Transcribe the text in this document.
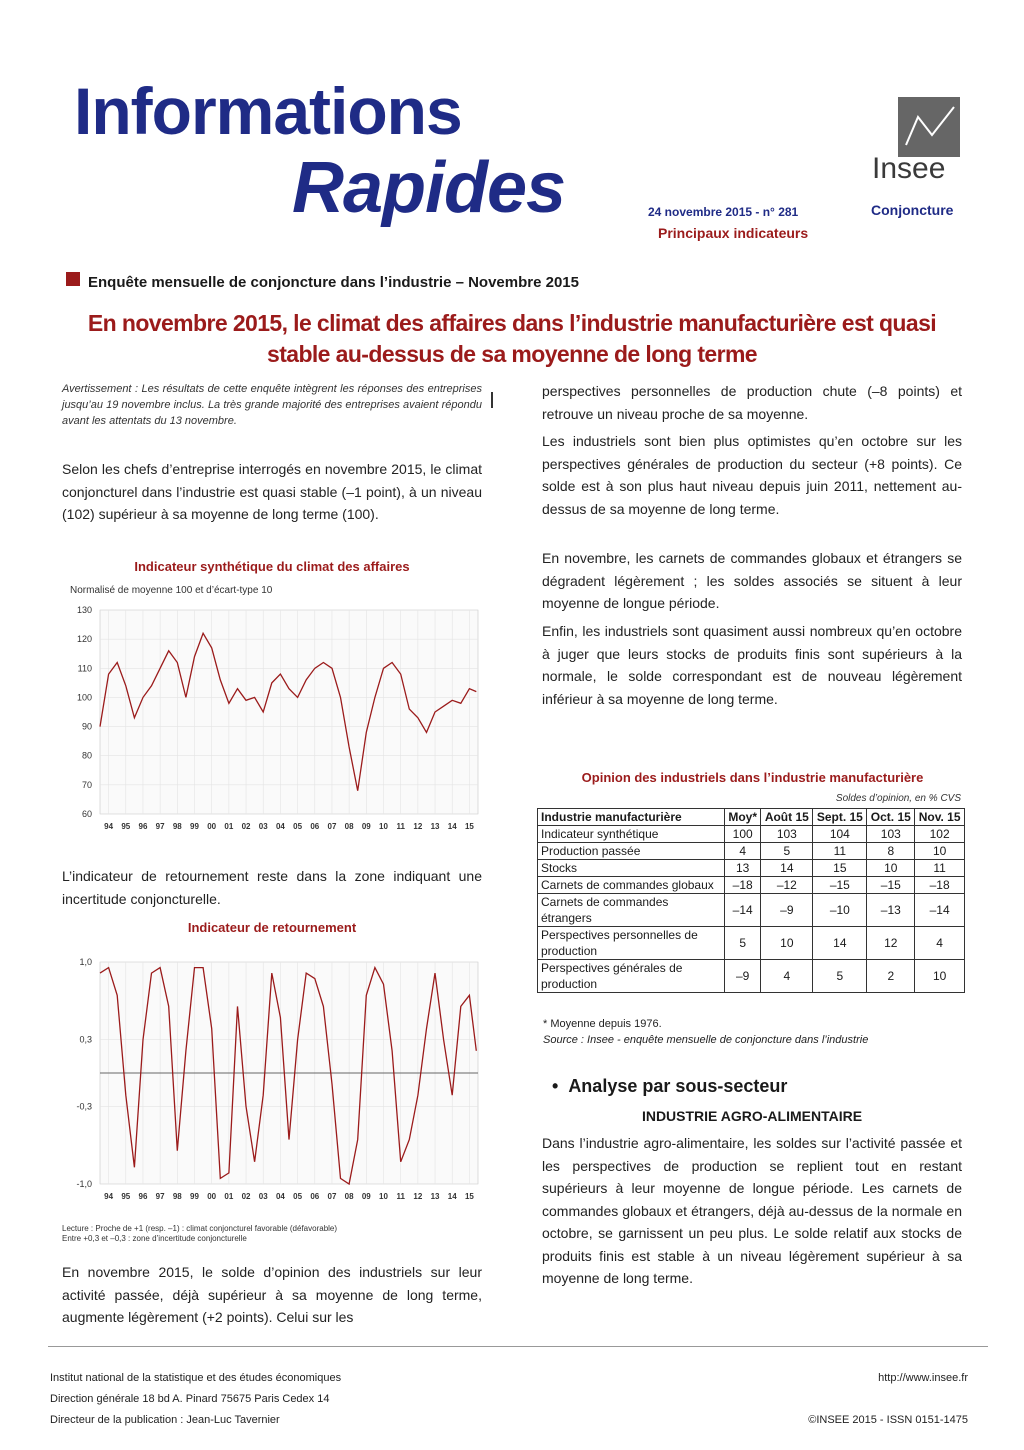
Informations
Rapides	24 novembre 2015 - n° 281
Principaux indicateurs
Insee
Conjoncture
Enquête mensuelle de conjoncture dans l’industrie – Novembre 2015
En novembre 2015, le climat des affaires dans l’industrie manufacturière est quasi stable au-dessus de sa moyenne de long terme
Avertissement : Les résultats de cette enquête intègrent les réponses des entreprises jusqu’au 19 novembre inclus. La très grande majorité des entreprises avaient répondu avant les attentats du 13 novembre.
Selon les chefs d’entreprise interrogés en novembre 2015, le climat conjoncturel dans l’industrie est quasi stable (–1 point), à un niveau (102) supérieur à sa moyenne de long terme (100).
Indicateur synthétique du climat des affaires
Normalisé de moyenne 100 et d’écart-type 10
94 95 96 97 98 99 00 01 02 03 04 05 06 07 08 09 10 11 12 13 14 15
60
70
80
90
100
110
120
130
L’indicateur de retournement reste dans la zone indiquant une incertitude conjoncturelle.
Indicateur de retournement
94 95 96 97 98 99 00 01 02 03 04 05 06 07 08 09 10 11 12 13 14 15
-1,0
-0,3
0,3
1,0
Lecture : Proche de +1 (resp. –1) : climat conjoncturel favorable (défavorable)
Entre +0,3 et –0,3 : zone d’incertitude conjoncturelle
En novembre 2015, le solde d’opinion des industriels sur leur activité passée, déjà supérieur à sa moyenne de long terme, augmente légèrement (+2 points). Celui sur les
perspectives personnelles de production chute (–8 points) et retrouve un niveau proche de sa moyenne.
Les industriels sont bien plus optimistes qu’en octobre sur les perspectives générales de production du secteur (+8 points). Ce solde est à son plus haut niveau depuis juin 2011, nettement au-dessus de sa moyenne de long terme.
En novembre, les carnets de commandes globaux et étrangers se dégradent légèrement ; les soldes associés se situent à leur moyenne de longue période.
Enfin, les industriels sont quasiment aussi nombreux qu’en octobre à juger que leurs stocks de produits finis sont supérieurs à la normale, le solde correspondant est de nouveau légèrement inférieur à sa moyenne de long terme.
Opinion des industriels dans l’industrie manufacturière
Soldes d’opinion, en % CVS
Industrie manufacturière	Moy*	Août 15	Sept. 15	Oct. 15	Nov. 15
Indicateur synthétique	100	103	104	103	102
Production passée	4	5	11	8	10
Stocks	13	14	15	10	11
Carnets de commandes globaux	–18	–12	–15	–15	–18
Carnets de commandes étrangers	–14	–9	–10	–13	–14
Perspectives personnelles de production	5	10	14	12	4
Perspectives générales de production	–9	4	5	2	10
* Moyenne depuis 1976.
Source : Insee - enquête mensuelle de conjoncture dans l’industrie
•  Analyse par sous-secteur
INDUSTRIE AGRO-ALIMENTAIRE
Dans l’industrie agro-alimentaire, les soldes sur l’activité passée et les perspectives de production se replient tout en restant supérieurs à leur moyenne de longue période. Les carnets de commandes globaux et étrangers, déjà au-dessus de la normale en octobre, se garnissent un peu plus. Le solde relatif aux stocks de produits finis est stable à un niveau légèrement supérieur à sa moyenne de long terme.
Institut national de la statistique et des études économiques
Direction générale 18 bd A. Pinard 75675 Paris Cedex 14
Directeur de la publication : Jean-Luc Tavernier
http://www.insee.fr
©INSEE 2015 - ISSN 0151-1475
